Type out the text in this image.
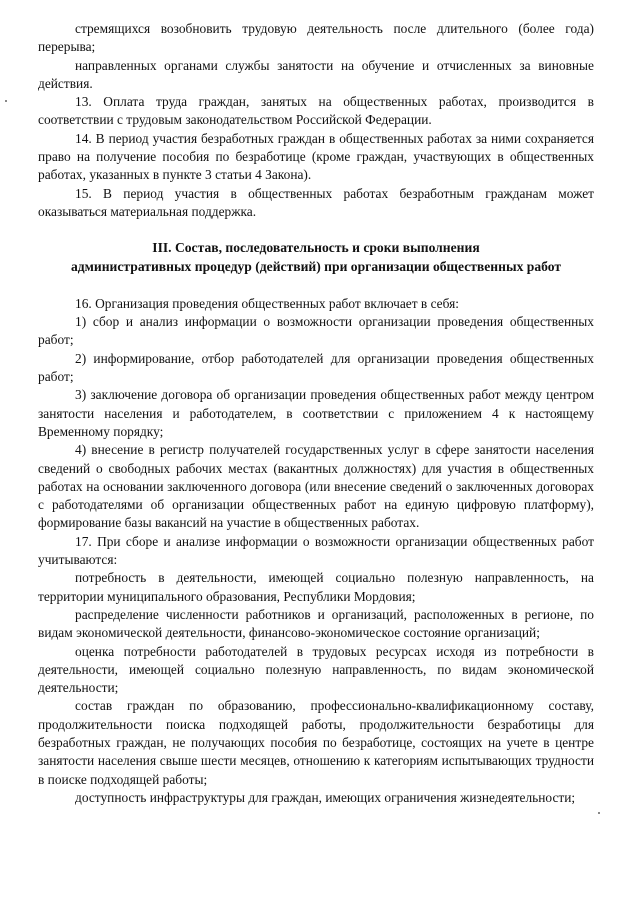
стремящихся возобновить трудовую деятельность после длительного (более года) перерыва;

направленных органами службы занятости на обучение и отчисленных за виновные действия.

13. Оплата труда граждан, занятых на общественных работах, производится в соответствии с трудовым законодательством Российской Федерации.

14. В период участия безработных граждан в общественных работах за ними сохраняется право на получение пособия по безработице (кроме граждан, участвующих в общественных работах, указанных в пункте 3 статьи 4 Закона).

15. В период участия в общественных работах безработным гражданам может оказываться материальная поддержка.

III. Состав, последовательность и сроки выполнения
административных процедур (действий) при организации общественных работ

16. Организация проведения общественных работ включает в себя:

1) сбор и анализ информации о возможности организации проведения общественных работ;

2) информирование, отбор работодателей для организации проведения общественных работ;

3) заключение договора об организации проведения общественных работ между центром занятости населения и работодателем, в соответствии с приложением 4 к настоящему Временному порядку;

4) внесение в регистр получателей государственных услуг в сфере занятости населения сведений о свободных рабочих местах (вакантных должностях) для участия в общественных работах на основании заключенного договора (или внесение сведений о заключенных договорах с работодателями об организации общественных работ на единую цифровую платформу), формирование базы вакансий на участие в общественных работах.

17. При сборе и анализе информации о возможности организации общественных работ учитываются:

потребность в деятельности, имеющей социально полезную направленность, на территории муниципального образования, Республики Мордовия;

распределение численности работников и организаций, расположенных в регионе, по видам экономической деятельности, финансово-экономическое состояние организаций;

оценка потребности работодателей в трудовых ресурсах исходя из потребности в деятельности, имеющей социально полезную направленность, по видам экономической деятельности;

состав граждан по образованию, профессионально-квалификационному составу, продолжительности поиска подходящей работы, продолжительности безработицы для безработных граждан, не получающих пособия по безработице, состоящих на учете в центре занятости населения свыше шести месяцев, отношению к категориям испытывающих трудности в поиске подходящей работы;

доступность инфраструктуры для граждан, имеющих ограничения жизнедеятельности;
